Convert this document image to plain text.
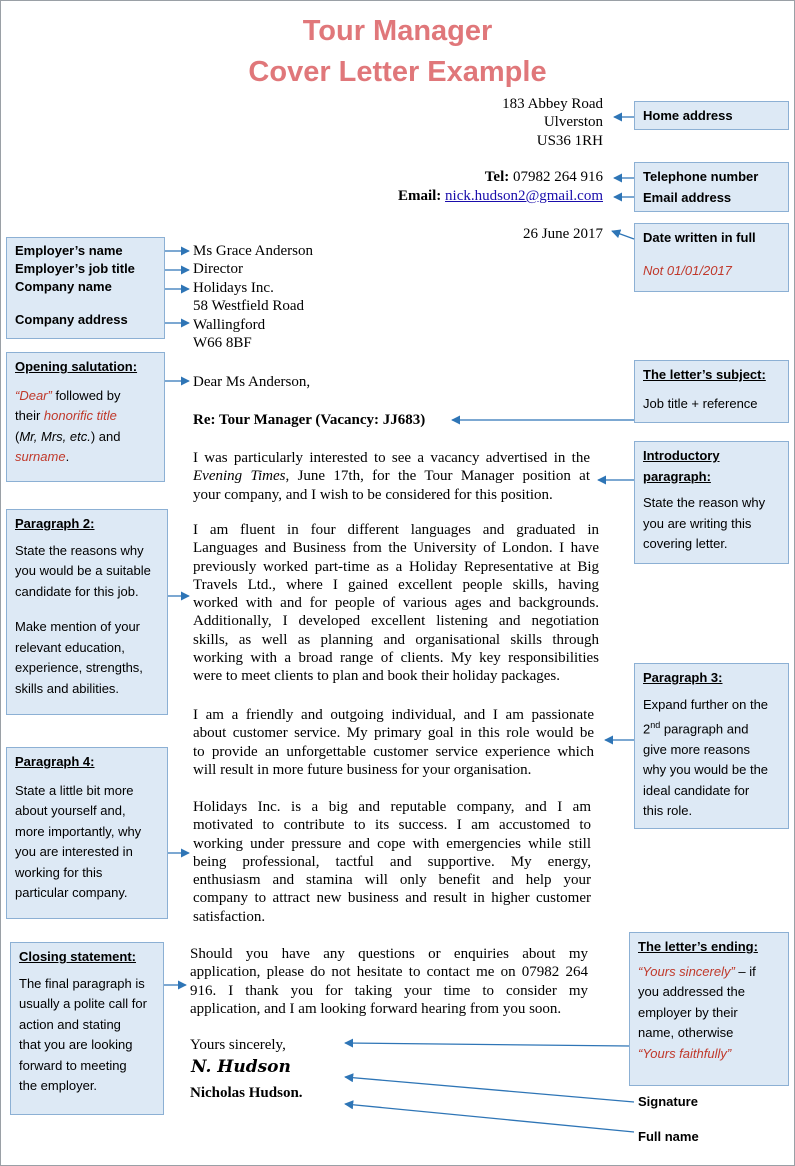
Tour Manager
Cover Letter Example
183 Abbey Road
Ulverston
US36 1RH
Tel: 07982 264 916
Email: nick.hudson2@gmail.com
26 June 2017
Ms Grace Anderson
Director
Holidays Inc.
58 Westfield Road
Wallingford
W66 8BF
Dear Ms Anderson,
Re: Tour Manager (Vacancy: JJ683)
I was particularly interested to see a vacancy advertised in the
Evening Times, June 17th, for the Tour Manager position at
your company, and I wish to be considered for this position.
I am fluent in four different languages and graduated in
Languages and Business from the University of London. I have
previously worked part-time as a Holiday Representative at Big
Travels Ltd., where I gained excellent people skills, having
worked with and for people of various ages and backgrounds.
Additionally, I developed excellent listening and negotiation
skills, as well as planning and organisational skills through
working with a broad range of clients. My key responsibilities
were to meet clients to plan and book their holiday packages.
I am a friendly and outgoing individual, and I am passionate
about customer service. My primary goal in this role would be
to provide an unforgettable customer service experience which
will result in more future business for your organisation.
Holidays Inc. is a big and reputable company, and I am
motivated to contribute to its success. I am accustomed to
working under pressure and cope with emergencies while still
being professional, tactful and supportive. My energy,
enthusiasm and stamina will only benefit and help your
company to attract new business and result in higher customer
satisfaction.
Should you have any questions or enquiries about my
application, please do not hesitate to contact me on 07982 264
916. I thank you for taking your time to consider my
application, and I am looking forward hearing from you soon.
Yours sincerely,
N. Hudson
Nicholas Hudson.
Home address
Telephone number
Email address
Date written in full
Not 01/01/2017
The letter’s subject:
Job title + reference
Introductory
paragraph:
State the reason why
you are writing this
covering letter.
Paragraph 3:
Expand further on the
2nd paragraph and
give more reasons
why you would be the
ideal candidate for
this role.
The letter’s ending:
“Yours sincerely” – if
you addressed the
employer by their
name, otherwise
“Yours faithfully”
Signature
Full name
Employer’s name
Employer’s job title
Company name
Company address
Opening salutation:
“Dear” followed by
their honorific title
(Mr, Mrs, etc.) and
surname.
Paragraph 2:
State the reasons why
you would be a suitable
candidate for this job.
Make mention of your
relevant education,
experience, strengths,
skills and abilities.
Paragraph 4:
State a little bit more
about yourself and,
more importantly, why
you are interested in
working for this
particular company.
Closing statement:
The final paragraph is
usually a polite call for
action and stating
that you are looking
forward to meeting
the employer.
